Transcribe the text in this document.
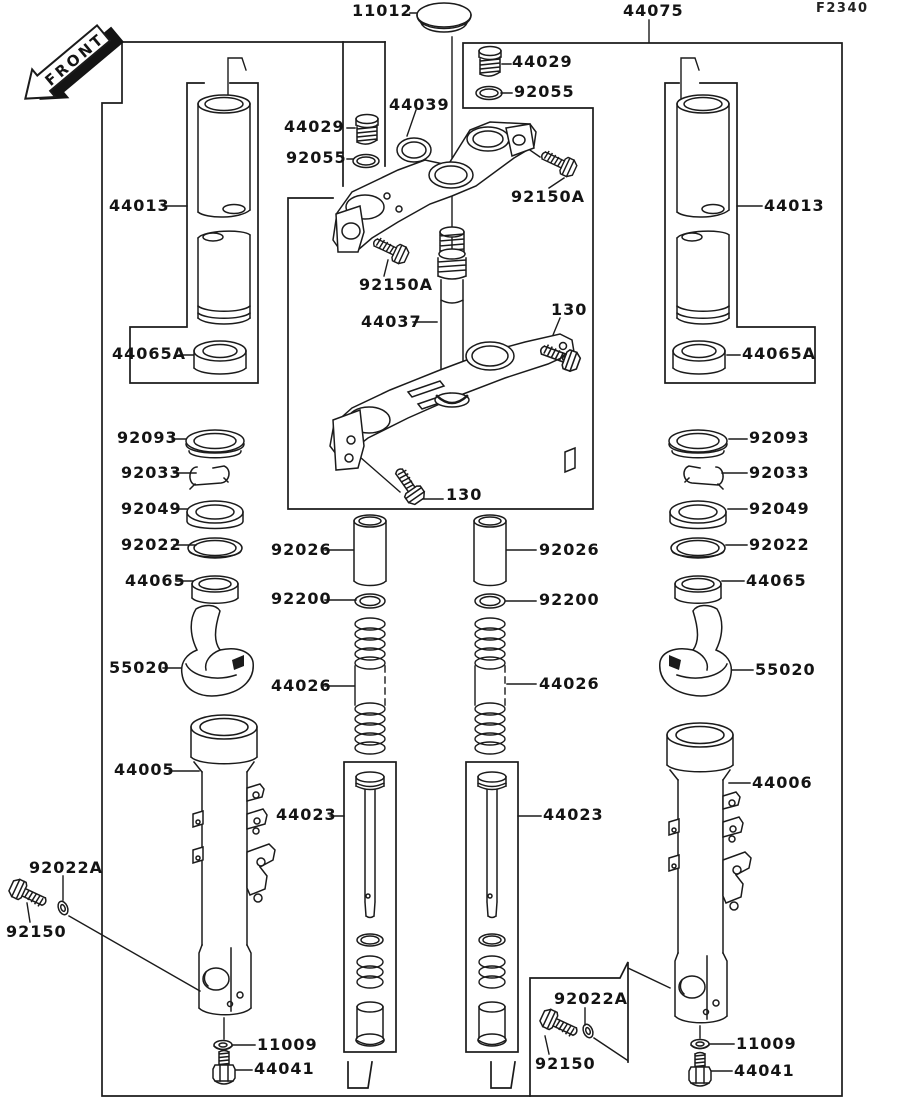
FRONT
11012	44075	F2340
44029
92055
44039
44029
92055
92150A
44013	44013
92150A
44037
130
130
44065A	44065A
92093
92033
92049
92022
44065
55020
92093
92033
92049
92022
44065
55020
92026
92200
44026
92026
92200
44026
44023	44023
44005
44006
92022A
92150
92022A
92150
11009
44041
11009
44041
